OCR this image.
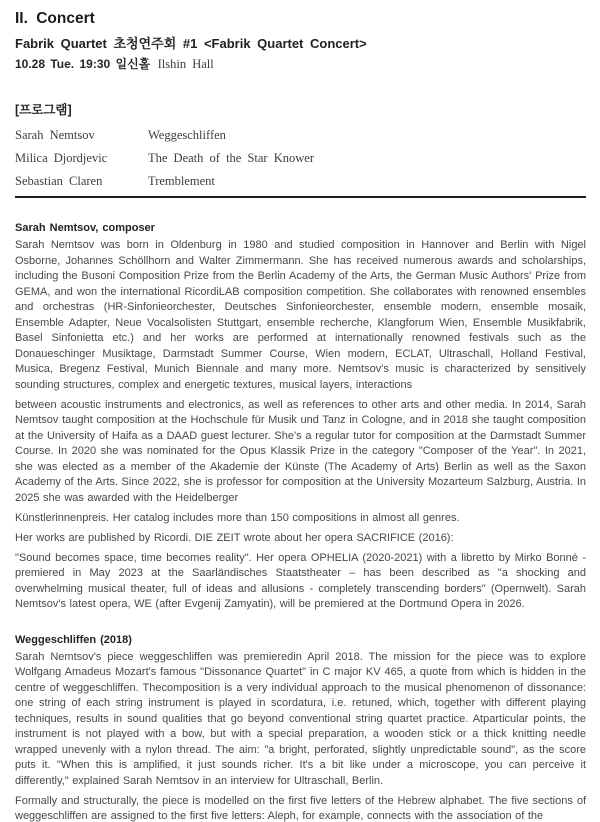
II. Concert
Fabrik Quartet 초청연주회 #1 <Fabrik Quartet Concert>
10.28 Tue. 19:30 일신홀 Ilshin Hall
[프로그램]
Sarah Nemtsov	Weggeschliffen
Milica Djordjevic	The Death of the Star Knower
Sebastian Claren	Tremblement
Sarah Nemtsov, composer

Sarah Nemtsov was born in Oldenburg in 1980 and studied composition in Hannover and Berlin with Nigel Osborne, Johannes Schöllhorn and Walter Zimmermann. She has received numerous awards and scholarships, including the Busoni Composition Prize from the Berlin Academy of the Arts, the German Music Authors' Prize from GEMA, and won the international RicordiLAB composition competition. She collaborates with renowned ensembles and orchestras (HR-Sinfonieorchester, Deutsches Sinfonieorchester, ensemble modern, ensemble mosaik, Ensemble Adapter, Neue Vocalsolisten Stuttgart, ensemble recherche, Klangforum Wien, Ensemble Musikfabrik, Basel Sinfonietta etc.) and her works are performed at internationally renowned festivals such as the Donaueschinger Musiktage, Darmstadt Summer Course, Wien modern, ECLAT, Ultraschall, Holland Festival, Musica, Bregenz Festival, Munich Biennale and many more. Nemtsov's music is characterized by sensitively sounding structures, complex and energetic textures, musical layers, interactions

between acoustic instruments and electronics, as well as references to other arts and other media. In 2014, Sarah Nemtsov taught composition at the Hochschule für Musik und Tanz in Cologne, and in 2018 she taught composition at the University of Haifa as a DAAD guest lecturer. She's a regular tutor for composition at the Darmstadt Summer Course. In 2020 she was nominated for the Opus Klassik Prize in the category "Composer of the Year". In 2021, she was elected as a member of the Akademie der Künste (The Academy of Arts) Berlin as well as the Saxon Academy of the Arts. Since 2022, she is professor for composition at the University Mozarteum Salzburg, Austria. In 2025 she was awarded with the Heidelberger

Künstlerinnenpreis. Her catalog includes more than 150 compositions in almost all genres.

Her works are published by Ricordi. DIE ZEIT wrote about her opera SACRIFICE (2016):

"Sound becomes space, time becomes reality". Her opera OPHELIA (2020-2021) with a libretto by Mirko Bonné - premiered in May 2023 at the Saarländisches Staatstheater – has been described as "a shocking and overwhelming musical theater, full of ideas and allusions - completely transcending borders" (Opernwelt). Sarah Nemtsov's latest opera, WE (after Evgenij Zamyatin), will be premiered at the Dortmund Opera in 2026.

Weggeschliffen (2018)

Sarah Nemtsov's piece weggeschliffen was premieredin April 2018. The mission for the piece was to explore Wolfgang Amadeus Mozart's famous "Dissonance Quartet" in C major KV 465, a quote from which is hidden in the centre of weggeschliffen. Thecomposition is a very individual approach to the musical phenomenon of dissonance: one string of each string instrument is played in scordatura, i.e. retuned, which, together with different playing techniques, results in sound qualities that go beyond conventional string quartet practice. Atparticular points, the instrument is not played with a bow, but with a special preparation, a wooden stick or a thick knitting needle wrapped unevenly with a nylon thread. The aim: "a bright, perforated, slightly unpredictable sound", as the score puts it. "When this is amplified, it just sounds richer. It's a bit like under a microscope, you can perceive it differently," explained Sarah Nemtsov in an interview for Ultraschall, Berlin.

Formally and structurally, the piece is modelled on the first five letters of the Hebrew alphabet. The five sections of weggeschliffen are assigned to the first five letters: Aleph, for example, connects with the association of the
